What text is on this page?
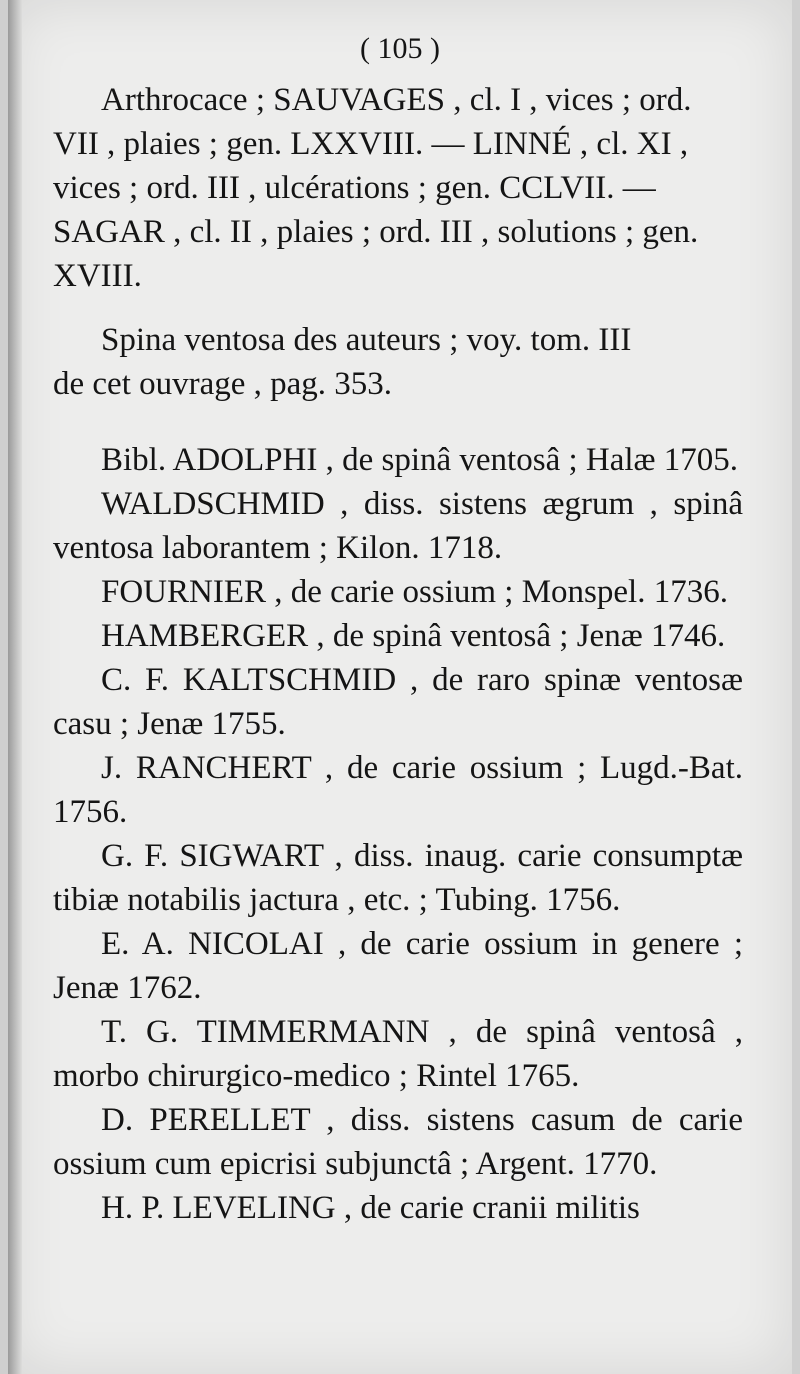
( 105 )

Arthrocace ; SAUVAGES , cl. I , vices ; ord.

VII , plaies ; gen. LXXVIII. — LINNÉ , cl. XI ,

vices ; ord. III , ulcérations ; gen. CCLVII. —

SAGAR , cl. II , plaies ; ord. III , solutions ; gen.

XVIII.

Spina ventosa des auteurs ; voy. tom. III

de cet ouvrage , pag. 353.

Bibl. ADOLPHI , de spinâ ventosâ ; Halæ 1705.

WALDSCHMID , diss. sistens ægrum , spinâ ventosa laborantem ; Kilon. 1718.

FOURNIER , de carie ossium ; Monspel. 1736.

HAMBERGER , de spinâ ventosâ ; Jenæ 1746.

C. F. KALTSCHMID , de raro spinæ ventosæ casu ; Jenæ 1755.

J. RANCHERT , de carie ossium ; Lugd.-Bat. 1756.

G. F. SIGWART , diss. inaug. carie consumptæ tibiæ notabilis jactura , etc. ; Tubing. 1756.

E. A. NICOLAI , de carie ossium in genere ; Jenæ 1762.

T. G. TIMMERMANN , de spinâ ventosâ , morbo chirurgico-medico ; Rintel 1765.

D. PERELLET , diss. sistens casum de carie ossium cum epicrisi subjunctâ ; Argent. 1770.

H. P. LEVELING , de carie cranii militis
